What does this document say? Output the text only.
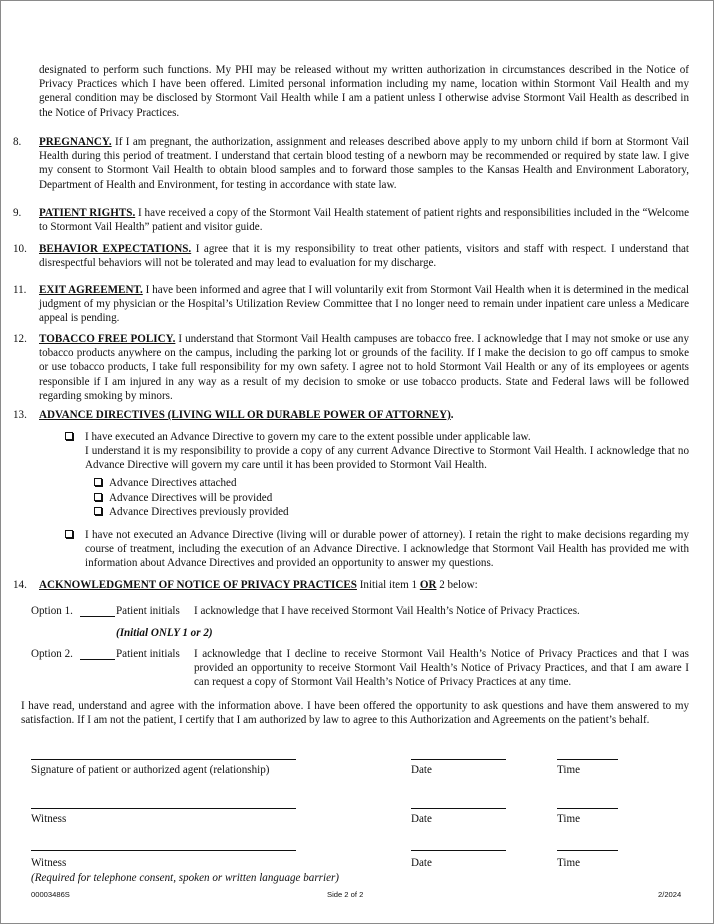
designated to perform such functions. My PHI may be released without my written authorization in circumstances described in the Notice of Privacy Practices which I have been offered. Limited personal information including my name, location within Stormont Vail Health and my general condition may be disclosed by Stormont Vail Health while I am a patient unless I otherwise advise Stormont Vail Health as described in the Notice of Privacy Practices.
8. PREGNANCY. If I am pregnant, the authorization, assignment and releases described above apply to my unborn child if born at Stormont Vail Health during this period of treatment. I understand that certain blood testing of a newborn may be recommended or required by state law. I give my consent to Stormont Vail Health to obtain blood samples and to forward those samples to the Kansas Health and Environment Laboratory, Department of Health and Environment, for testing in accordance with state law.
9. PATIENT RIGHTS. I have received a copy of the Stormont Vail Health statement of patient rights and responsibilities included in the “Welcome to Stormont Vail Health” patient and visitor guide.
10. BEHAVIOR EXPECTATIONS. I agree that it is my responsibility to treat other patients, visitors and staff with respect. I understand that disrespectful behaviors will not be tolerated and may lead to evaluation for my discharge.
11. EXIT AGREEMENT. I have been informed and agree that I will voluntarily exit from Stormont Vail Health when it is determined in the medical judgment of my physician or the Hospital’s Utilization Review Committee that I no longer need to remain under inpatient care unless a Medicare appeal is pending.
12. TOBACCO FREE POLICY. I understand that Stormont Vail Health campuses are tobacco free. I acknowledge that I may not smoke or use any tobacco products anywhere on the campus, including the parking lot or grounds of the facility. If I make the decision to go off campus to smoke or use tobacco products, I take full responsibility for my own safety. I agree not to hold Stormont Vail Health or any of its employees or agents responsible if I am injured in any way as a result of my decision to smoke or use tobacco products. State and Federal laws will be followed regarding smoking by minors.
13. ADVANCE DIRECTIVES (LIVING WILL OR DURABLE POWER OF ATTORNEY).
I have executed an Advance Directive to govern my care to the extent possible under applicable law.
I understand it is my responsibility to provide a copy of any current Advance Directive to Stormont Vail Health. I acknowledge that no Advance Directive will govern my care until it has been provided to Stormont Vail Health.
Advance Directives attached
Advance Directives will be provided
Advance Directives previously provided
I have not executed an Advance Directive (living will or durable power of attorney). I retain the right to make decisions regarding my course of treatment, including the execution of an Advance Directive. I acknowledge that Stormont Vail Health has provided me with information about Advance Directives and provided an opportunity to answer my questions.
14. ACKNOWLEDGMENT OF NOTICE OF PRIVACY PRACTICES Initial item 1 OR 2 below:
Option 1.	Patient initials I acknowledge that I have received Stormont Vail Health’s Notice of Privacy Practices.
(Initial ONLY 1 or 2)
Option 2.	Patient initials I acknowledge that I decline to receive Stormont Vail Health’s Notice of Privacy Practices and that I was provided an opportunity to receive Stormont Vail Health’s Notice of Privacy Practices, and that I am aware I can request a copy of Stormont Vail Health’s Notice of Privacy Practices at any time.
I have read, understand and agree with the information above. I have been offered the opportunity to ask questions and have them answered to my satisfaction. If I am not the patient, I certify that I am authorized by law to agree to this Authorization and Agreements on the patient’s behalf.
Signature of patient or authorized agent (relationship)	Date	Time
Witness	Date	Time
Witness	Date	Time
(Required for telephone consent, spoken or written language barrier)
00003486S	Side 2 of 2	2/2024
